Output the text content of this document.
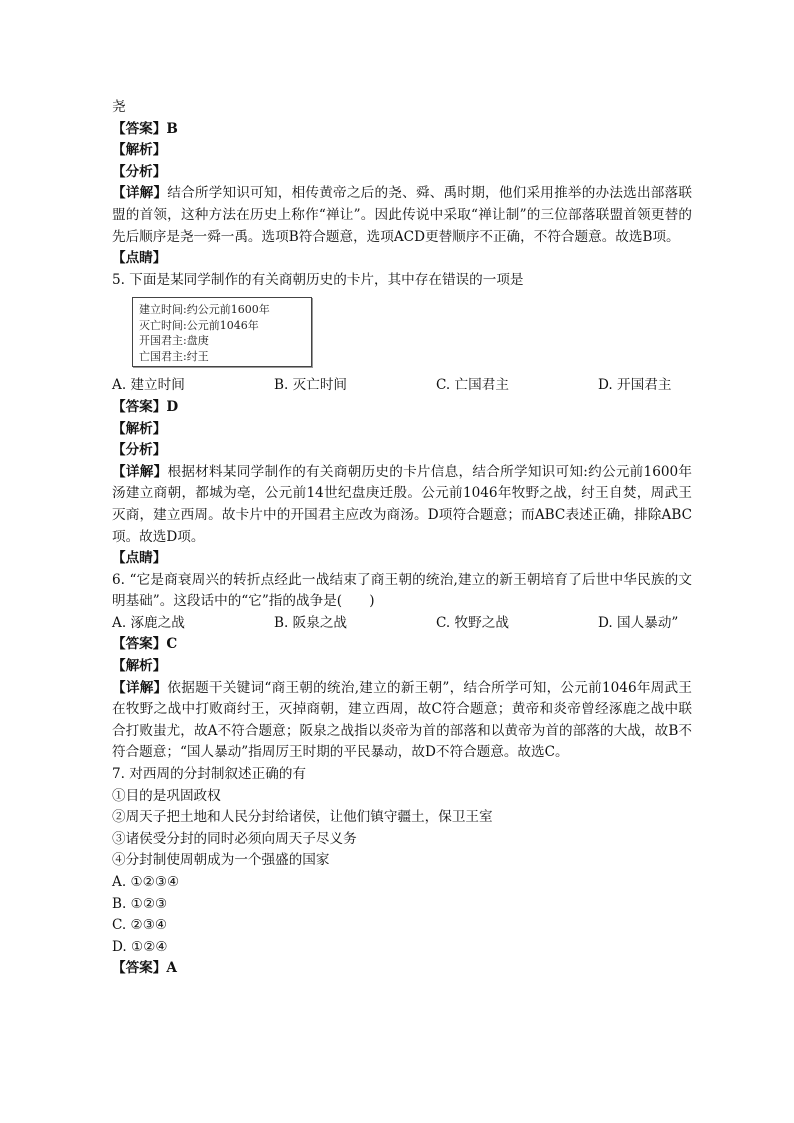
尧
【答案】B
【解析】
【分析】
【详解】结合所学知识可知，相传黄帝之后的尧、舜、禹时期，他们采用推举的办法选出部落联盟的首领，这种方法在历史上称作“禅让”。因此传说中采取“禅让制”的三位部落联盟首领更替的先后顺序是尧一舜一禹。选项B符合题意，选项ACD更替顺序不正确，不符合题意。故选B项。
【点睛】
5. 下面是某同学制作的有关商朝历史的卡片，其中存在错误的一项是
建立时间:约公元前1600年
灭亡时间:公元前1046年
开国君主:盘庚
亡国君主:纣王
A. 建立时间	B. 灭亡时间	C. 亡国君主	D. 开国君主
【答案】D
【解析】
【分析】
【详解】根据材料某同学制作的有关商朝历史的卡片信息，结合所学知识可知:约公元前1600年汤建立商朝，都城为亳，公元前14世纪盘庚迁殷。公元前1046年牧野之战，纣王自焚，周武王灭商，建立西周。故卡片中的开国君主应改为商汤。D项符合题意；而ABC表述正确，排除ABC项。故选D项。
【点睛】
6. “它是商衰周兴的转折点经此一战结束了商王朝的统治,建立的新王朝培育了后世中华民族的文明基础”。这段话中的“它”指的战争是(　　)
A. 涿鹿之战	B. 阪泉之战	C. 牧野之战	D. 国人暴动”
【答案】C
【解析】
【详解】依据题干关键词“商王朝的统治,建立的新王朝”，结合所学可知，公元前1046年周武王在牧野之战中打败商纣王，灭掉商朝，建立西周，故C符合题意；黄帝和炎帝曾经涿鹿之战中联合打败蚩尤，故A不符合题意；阪泉之战指以炎帝为首的部落和以黄帝为首的部落的大战，故B不符合题意；“国人暴动”指周厉王时期的平民暴动，故D不符合题意。故选C。
7. 对西周的分封制叙述正确的有
①目的是巩固政权
②周天子把土地和人民分封给诸侯，让他们镇守疆土，保卫王室
③诸侯受分封的同时必须向周天子尽义务
④分封制使周朝成为一个强盛的国家
A. ①②③④
B. ①②③
C. ②③④
D. ①②④
【答案】A
